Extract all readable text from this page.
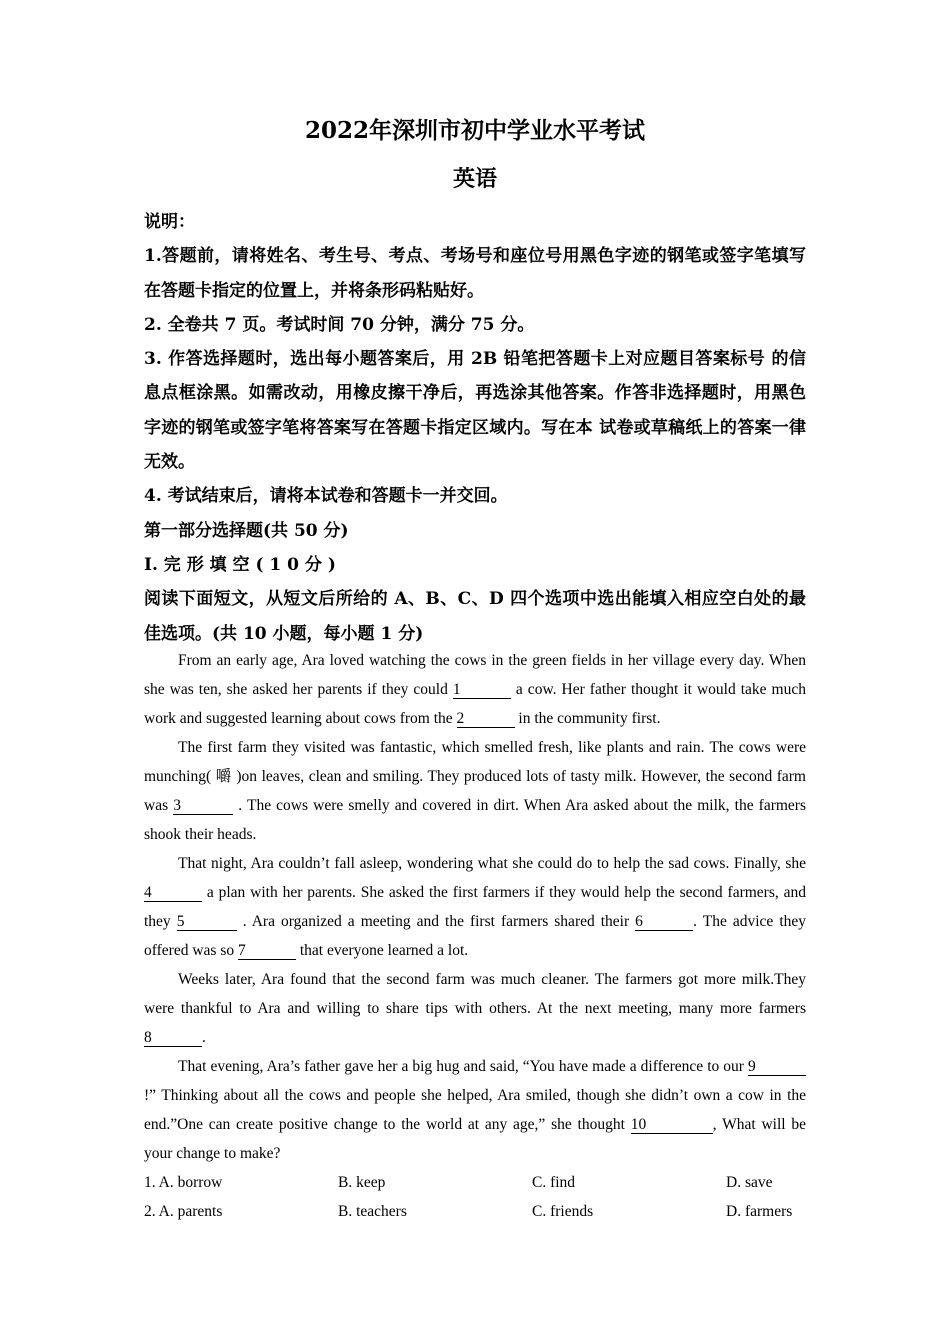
2022年深圳市初中学业水平考试
英语

说明：

1.答题前，请将姓名、考生号、考点、考场号和座位号用黑色字迹的钢笔或签字笔填写在答题卡指定的位置上，并将条形码粘贴好。

2. 全卷共 7 页。考试时间 70 分钟，满分 75 分。

3. 作答选择题时，选出每小题答案后，用 2B 铅笔把答题卡上对应题目答案标号 的信息点框涂黑。如需改动，用橡皮擦干净后，再选涂其他答案。作答非选择题时，用黑色字迹的钢笔或签字笔将答案写在答题卡指定区域内。写在本 试卷或草稿纸上的答案一律无效。

4. 考试结束后，请将本试卷和答题卡一并交回。

第一部分选择题(共 50 分)

I. 完 形 填 空 ( 1 0 分 )

阅读下面短文，从短文后所给的 A、B、C、D 四个选项中选出能填入相应空白处的最佳选项。(共 10 小题，每小题 1 分)

From an early age, Ara loved watching the cows in the green fields in her village every day. When she was ten, she asked her parents if they could 1	a cow. Her father thought it would take much work and suggested learning about cows from the 2	in the community first.

The first farm they visited was fantastic, which smelled fresh, like plants and rain. The cows were munching( 嚼 )on leaves, clean and smiling. They produced lots of tasty milk. However, the second farm was 3	. The cows were smelly and covered in dirt. When Ara asked about the milk, the farmers shook their heads.

That night, Ara couldn’t fall asleep, wondering what she could do to help the sad cows. Finally, she 4	a plan with her parents. She asked the first farmers if they would help the second farmers, and they 5	. Ara organized a meeting and the first farmers shared their 6	. The advice they offered was so 7	that everyone learned a lot.

Weeks later, Ara found that the second farm was much cleaner. The farmers got more milk.They were thankful to Ara and willing to share tips with others. At the next meeting, many more farmers 8	.

That evening, Ara’s father gave her a big hug and said, “You have made a difference to our 9 !” Thinking about all the cows and people she helped, Ara smiled, though she didn’t own a cow in the end.”One can create positive change to the world at any age,” she thought 10	, What will be your change to make?

1. A. borrow	B. keep	C. find	D. save
2. A. parents	B. teachers	C. friends	D. farmers
